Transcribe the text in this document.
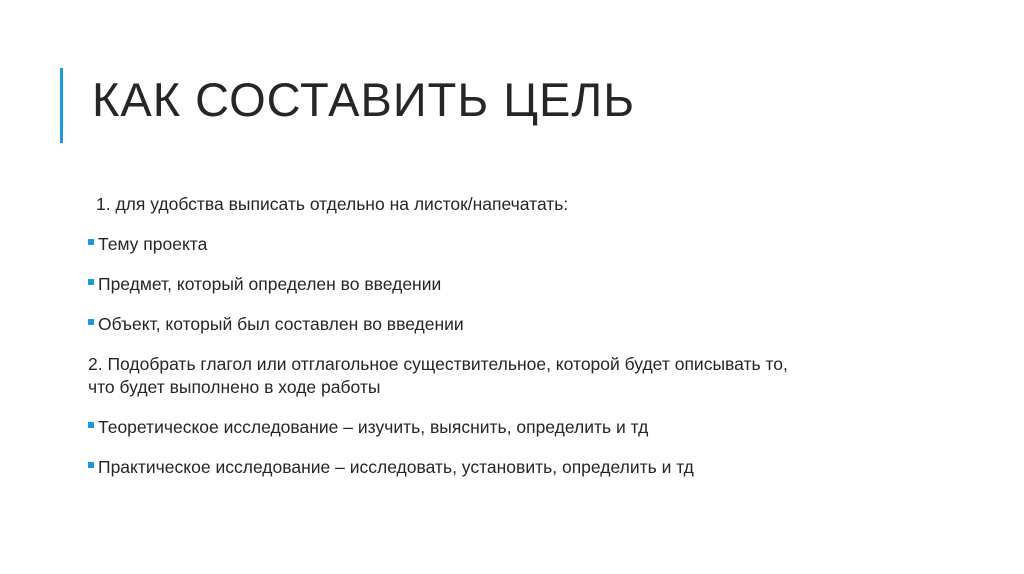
КАК СОСТАВИТЬ ЦЕЛЬ
1. для удобства выписать отдельно на листок/напечатать:
Тему проекта
Предмет, который определен во введении
Объект, который был составлен во введении
2. Подобрать глагол или отглагольное существительное, которой будет описывать то, что будет выполнено в ходе работы
Теоретическое исследование – изучить, выяснить, определить и тд
Практическое исследование – исследовать, установить, определить и тд
